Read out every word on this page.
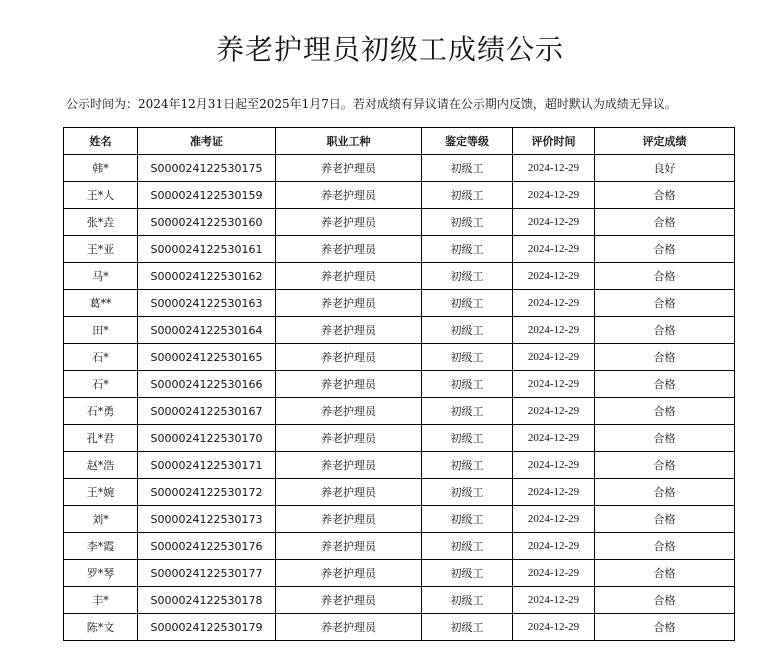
养老护理员初级工成绩公示
公示时间为：2024年12月31日起至2025年1月7日。若对成绩有异议请在公示期内反馈，超时默认为成绩无异议。
姓名	准考证	职业工种	鉴定等级	评价时间	评定成绩
韩*	S000024122530175	养老护理员	初级工	2024-12-29	良好
王*人	S000024122530159	养老护理员	初级工	2024-12-29	合格
张*垚	S000024122530160	养老护理员	初级工	2024-12-29	合格
王*亚	S000024122530161	养老护理员	初级工	2024-12-29	合格
马*	S000024122530162	养老护理员	初级工	2024-12-29	合格
葛**	S000024122530163	养老护理员	初级工	2024-12-29	合格
田*	S000024122530164	养老护理员	初级工	2024-12-29	合格
石*	S000024122530165	养老护理员	初级工	2024-12-29	合格
石*	S000024122530166	养老护理员	初级工	2024-12-29	合格
石*勇	S000024122530167	养老护理员	初级工	2024-12-29	合格
孔*君	S000024122530170	养老护理员	初级工	2024-12-29	合格
赵*浩	S000024122530171	养老护理员	初级工	2024-12-29	合格
王*婉	S000024122530172	养老护理员	初级工	2024-12-29	合格
刘*	S000024122530173	养老护理员	初级工	2024-12-29	合格
李*霞	S000024122530176	养老护理员	初级工	2024-12-29	合格
罗*琴	S000024122530177	养老护理员	初级工	2024-12-29	合格
丰*	S000024122530178	养老护理员	初级工	2024-12-29	合格
陈*文	S000024122530179	养老护理员	初级工	2024-12-29	合格
